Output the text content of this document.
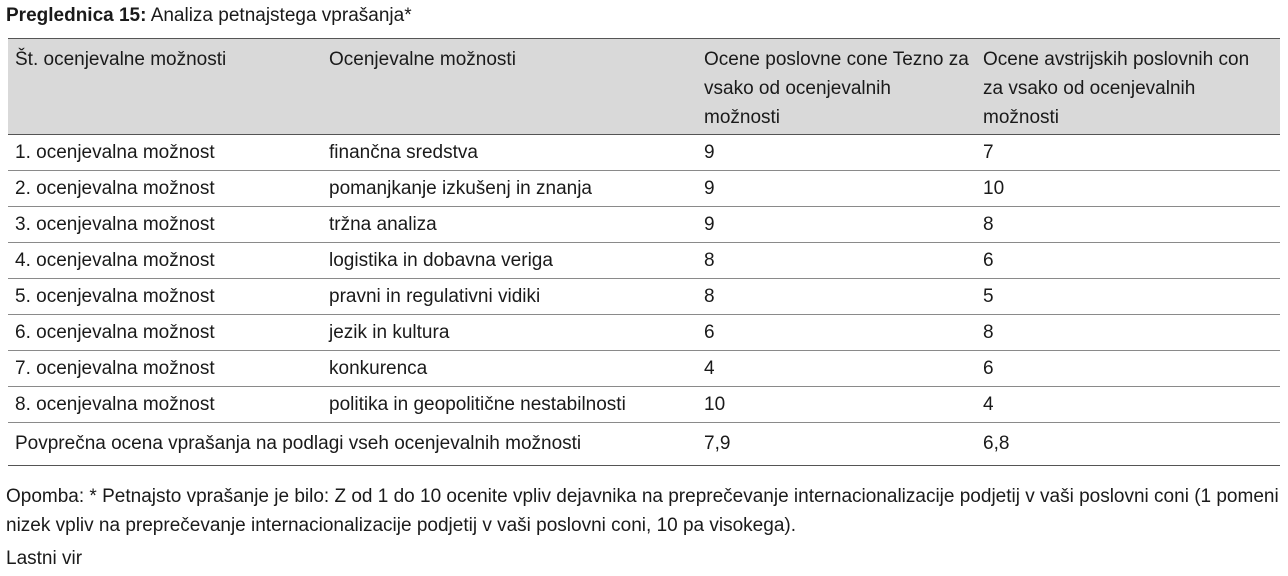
Preglednica 15: Analiza petnajstega vprašanja*
Št. ocenjevalne možnosti	Ocenjevalne možnosti	Ocene poslovne cone Tezno za vsako od ocenjevalnih možnosti	Ocene avstrijskih poslovnih con za vsako od ocenjevalnih možnosti
1. ocenjevalna možnost	finančna sredstva	9	7
2. ocenjevalna možnost	pomanjkanje izkušenj in znanja	9	10
3. ocenjevalna možnost	tržna analiza	9	8
4. ocenjevalna možnost	logistika in dobavna veriga	8	6
5. ocenjevalna možnost	pravni in regulativni vidiki	8	5
6. ocenjevalna možnost	jezik in kultura	6	8
7. ocenjevalna možnost	konkurenca	4	6
8. ocenjevalna možnost	politika in geopolitične nestabilnosti	10	4
Povprečna ocena vprašanja na podlagi vseh ocenjevalnih možnosti		7,9	6,8
Opomba: * Petnajsto vprašanje je bilo: Z od 1 do 10 ocenite vpliv dejavnika na preprečevanje internacionalizacije podjetij v vaši poslovni coni (1 pomeni nizek vpliv na preprečevanje internacionalizacije podjetij v vaši poslovni coni, 10 pa visokega).
Lastni vir
